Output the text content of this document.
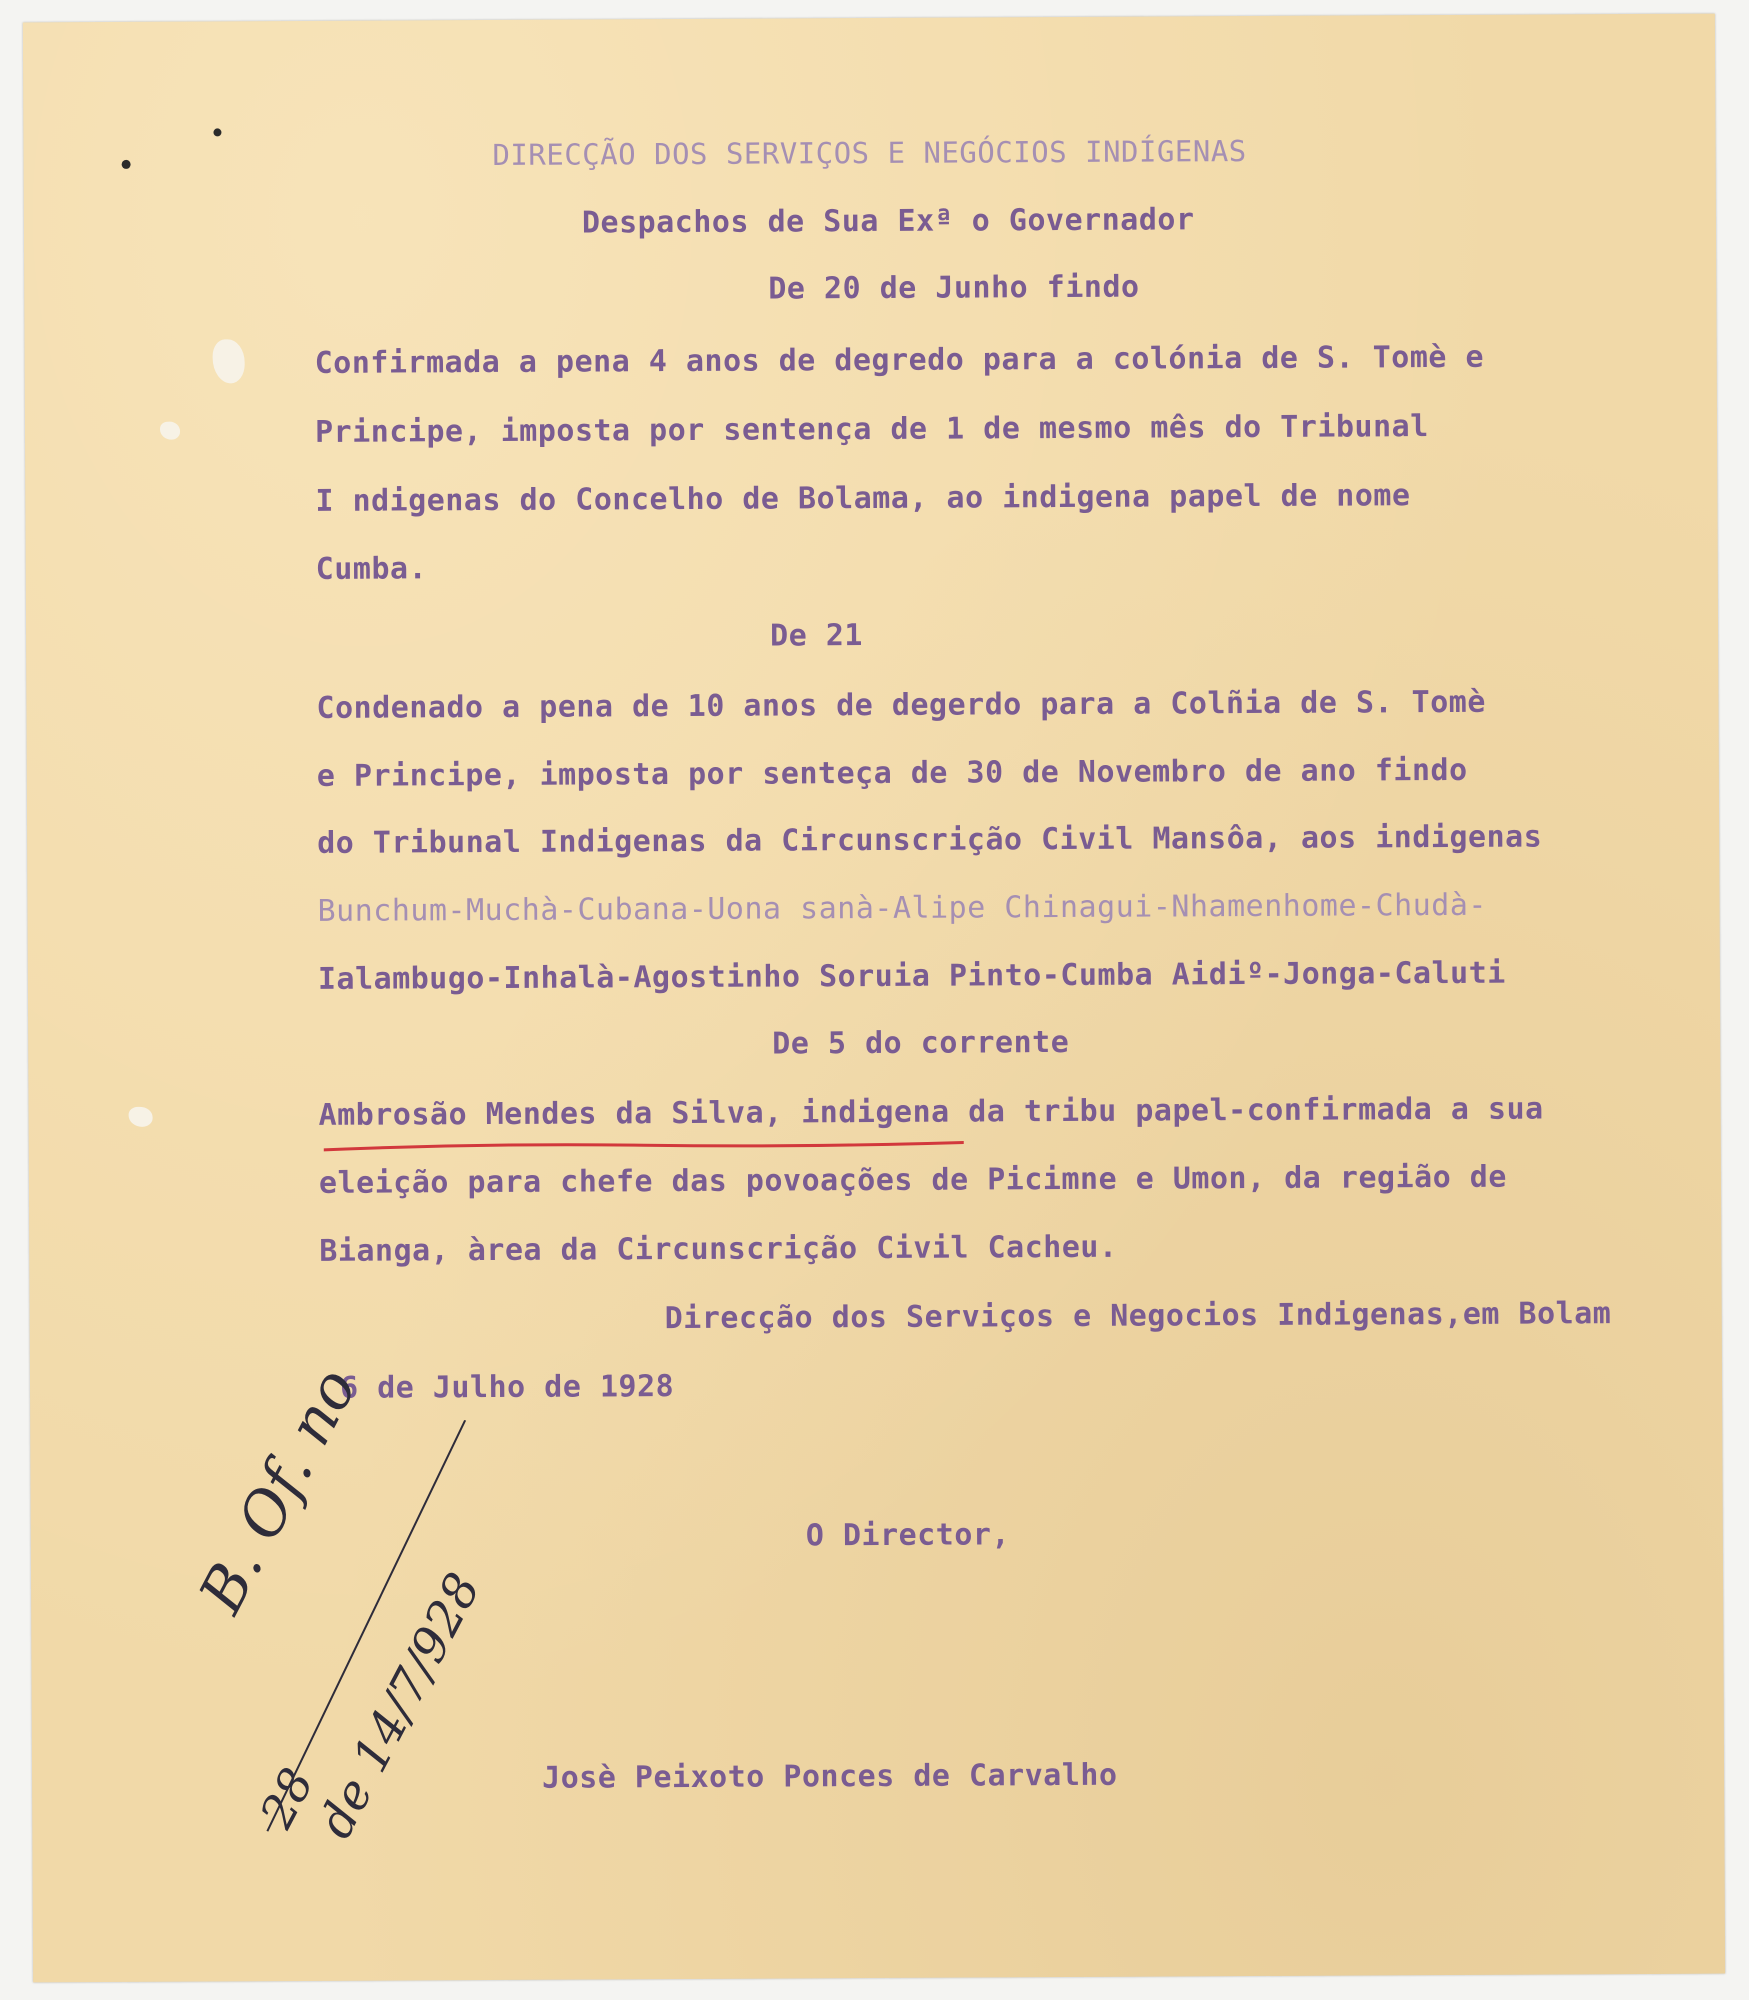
DIRECÇÃO DOS SERVIÇOS E NEGÓCIOS INDÍGENAS
Despachos de Sua Exª o Governador
De 20 de Junho findo
Confirmada a pena 4 anos de degredo para a colónia de S. Tomè e
Principe, imposta por sentença de 1 de mesmo mês do Tribunal
I ndigenas do Concelho de Bolama, ao indigena papel de nome
Cumba.
De 21
Condenado a pena de 10 anos de degerdo para a Colñia de S. Tomè
e Principe, imposta por senteça de 30 de Novembro de ano findo
do Tribunal Indigenas da Circunscrição Civil Mansôa, aos indigenas
Bunchum-Muchà-Cubana-Uona sanà-Alipe Chinagui-Nhamenhome-Chudà-
Ialambugo-Inhalà-Agostinho Soruia Pinto-Cumba Aidiº-Jonga-Caluti
De 5 do corrente
Ambrosão Mendes da Silva, indigena da tribu papel-confirmada a sua
eleição para chefe das povoações de Picimne e Umon, da região de
Bianga, àrea da Circunscrição Civil Cacheu.
Direcção dos Serviços e Negocios Indigenas,em Bolam
6 de Julho de 1928
O Director,
Josè Peixoto Ponces de Carvalho
B. Of. no
28
de 14/7/928
